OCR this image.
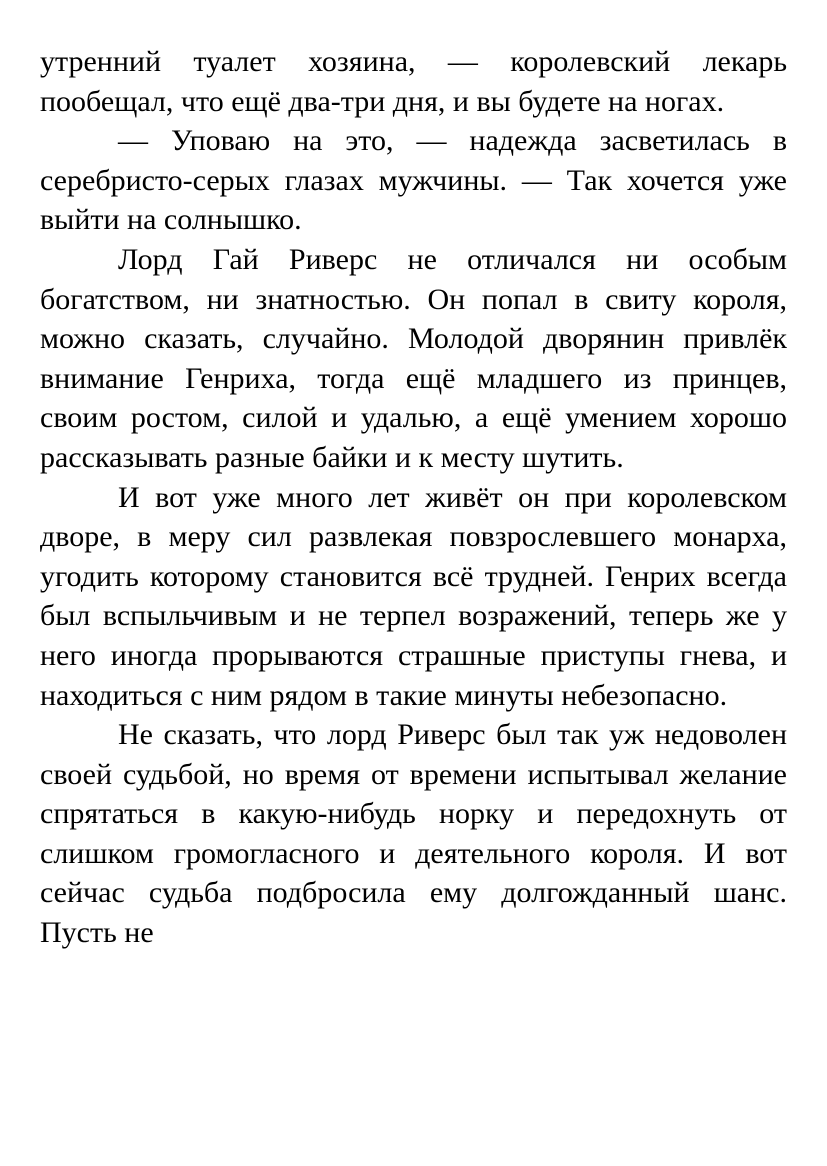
утренний туалет хозяина, — королевский лекарь пообещал, что ещё два-три дня, и вы будете на ногах.

— Уповаю на это, — надежда засветилась в серебристо-серых глазах мужчины. — Так хочется уже выйти на солнышко.

Лорд Гай Риверс не отличался ни особым богатством, ни знатностью. Он попал в свиту короля, можно сказать, случайно. Молодой дворянин привлёк внимание Генриха, тогда ещё младшего из принцев, своим ростом, силой и удалью, а ещё умением хорошо рассказывать разные байки и к месту шутить.

И вот уже много лет живёт он при королевском дворе, в меру сил развлекая повзрослевшего монарха, угодить которому становится всё трудней. Генрих всегда был вспыльчивым и не терпел возражений, теперь же у него иногда прорываются страшные приступы гнева, и находиться с ним рядом в такие минуты небезопасно.

Не сказать, что лорд Риверс был так уж недоволен своей судьбой, но время от времени испытывал желание спрятаться в какую-нибудь норку и передохнуть от слишком громогласного и деятельного короля. И вот сейчас судьба подбросила ему долгожданный шанс. Пусть не
